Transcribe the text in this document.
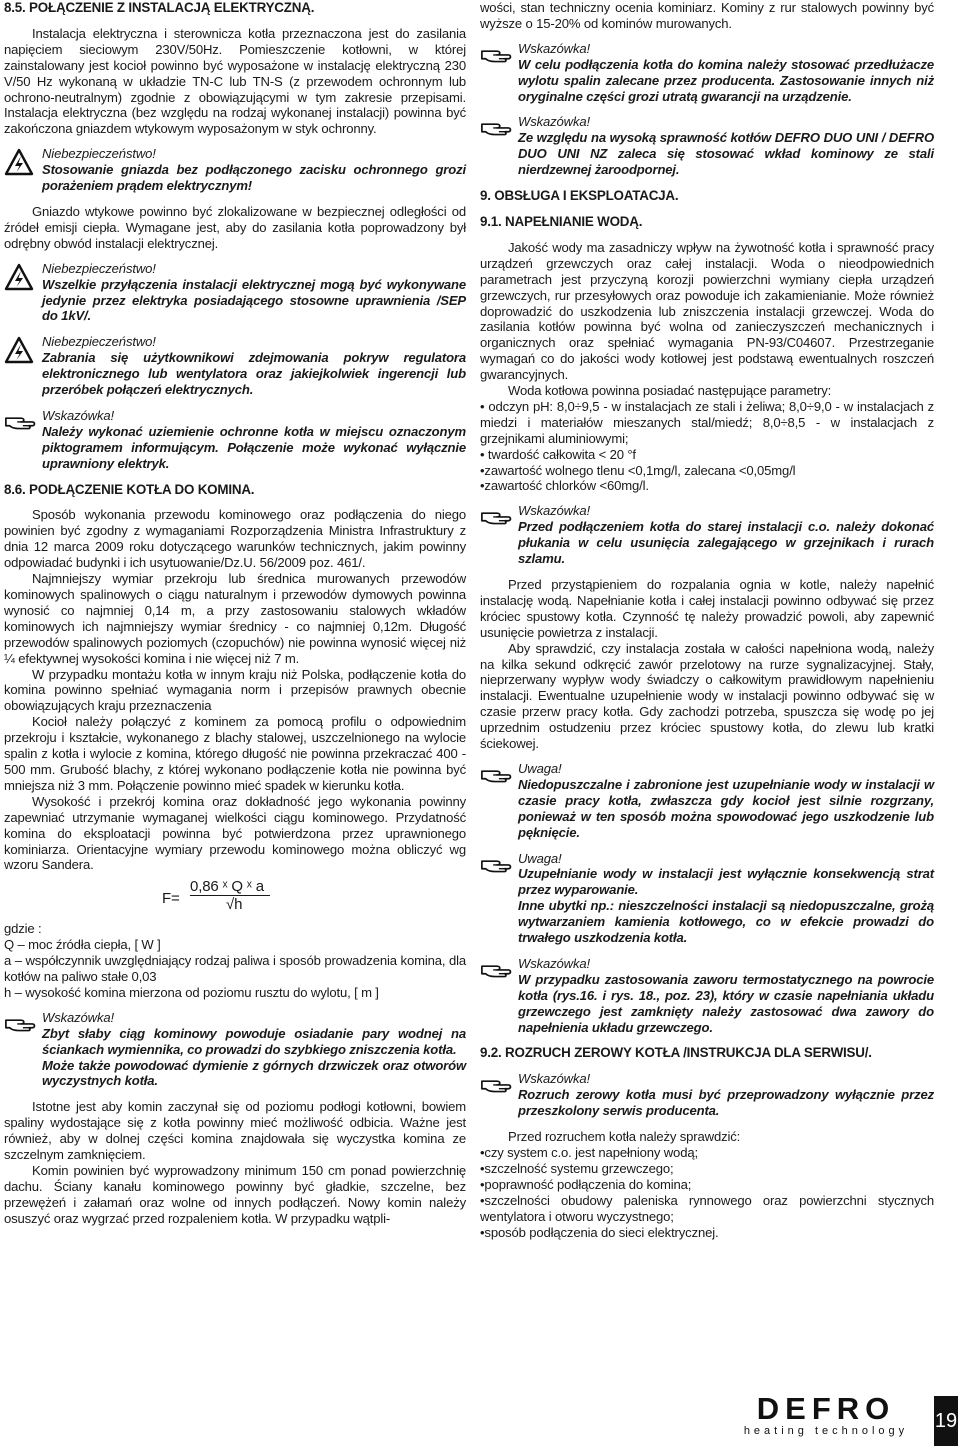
8.5. POŁĄCZENIE Z INSTALACJĄ ELEKTRYCZNĄ.

Instalacja elektryczna i sterownicza kotła przeznaczona jest do zasilania napięciem sieciowym 230V/50Hz. Pomieszczenie kotłowni, w której zainstalowany jest kocioł powinno być wyposażone w instalację elektryczną 230 V/50 Hz wykonaną w układzie TN-C lub TN-S (z przewodem ochronnym lub ochrono-neutralnym) zgodnie z obowiązującymi w tym zakresie przepisami. Instalacja elektryczna (bez względu na rodzaj wykonanej instalacji) powinna być zakończona gniazdem wtykowym wyposażonym w styk ochronny.

Niebezpieczeństwo!
Stosowanie gniazda bez podłączonego zacisku ochronnego grozi porażeniem prądem elektrycznym!

Gniazdo wtykowe powinno być zlokalizowane w bezpiecznej odległości od źródeł emisji ciepła. Wymagane jest, aby do zasilania kotła poprowadzony był odrębny obwód instalacji elektrycznej.

Niebezpieczeństwo!
Wszelkie przyłączenia instalacji elektrycznej mogą być wykonywane jedynie przez elektryka posiadającego stosowne uprawnienia /SEP do 1kV/.
Niebezpieczeństwo!
Zabrania się użytkownikowi zdejmowania pokryw regulatora elektronicznego lub wentylatora oraz jakiejkolwiek ingerencji lub przeróbek połączeń elektrycznych.
Wskazówka!
Należy wykonać uziemienie ochronne kotła w miejscu oznaczonym piktogramem informującym. Połączenie może wykonać wyłącznie uprawniony elektryk.
8.6. PODŁĄCZENIE KOTŁA DO KOMINA.

Sposób wykonania przewodu kominowego oraz podłączenia do niego powinien być zgodny z wymaganiami Rozporządzenia Ministra Infrastruktury z dnia 12 marca 2009 roku dotyczącego warunków technicznych, jakim powinny odpowiadać budynki i ich usytuowanie/Dz.U. 56/2009 poz. 461/.

Najmniejszy wymiar przekroju lub średnica murowanych przewodów kominowych spalinowych o ciągu naturalnym i przewodów dymowych powinna wynosić co najmniej 0,14 m, a przy zastosowaniu stalowych wkładów kominowych ich najmniejszy wymiar średnicy - co najmniej 0,12m. Długość przewodów spalinowych poziomych (czopuchów) nie powinna wynosić więcej niż ¼ efektywnej wysokości komina i nie więcej niż 7 m.

W przypadku montażu kotła w innym kraju niż Polska, podłączenie kotła do komina powinno spełniać wymagania norm i przepisów prawnych obecnie obowiązujących kraju przeznaczenia

Kocioł należy połączyć z kominem za pomocą profilu o odpowiednim przekroju i kształcie, wykonanego z blachy stalowej, uszczelnionego na wylocie spalin z kotła i wylocie z komina, którego długość nie powinna przekraczać 400 - 500 mm. Grubość blachy, z której wykonano podłączenie kotła nie powinna być mniejsza niż 3 mm. Połączenie powinno mieć spadek w kierunku kotła.

Wysokość i przekrój komina oraz dokładność jego wykonania powinny zapewniać utrzymanie wymaganej wielkości ciągu kominowego. Przydatność komina do eksploatacji powinna być potwierdzona przez uprawnionego kominiarza. Orientacyjne wymiary przewodu kominowego można obliczyć wg wzoru Sandera.

F=
0,86 ˣ Q ˣ a
√h

gdzie :

Q – moc źródła ciepła, [ W ]

a – współczynnik uwzględniający rodzaj paliwa i sposób prowadzenia komina, dla kotłów na paliwo stałe 0,03

h – wysokość komina mierzona od poziomu rusztu do wylotu, [ m ]

Wskazówka!
Zbyt słaby ciąg kominowy powoduje osiadanie pary wodnej na ściankach wymiennika, co prowadzi do szybkiego zniszczenia kotła.
Może także powodować dymienie z górnych drzwiczek oraz otworów wyczystnych kotła.

Istotne jest aby komin zaczynał się od poziomu podłogi kotłowni, bowiem spaliny wydostające się z kotła powinny mieć możliwość odbicia. Ważne jest również, aby w dolnej części komina znajdowała się wyczystka komina ze szczelnym zamknięciem.

Komin powinien być wyprowadzony minimum 150 cm ponad powierzchnię dachu. Ściany kanału kominowego powinny być gładkie, szczelne, bez przewężeń i załamań oraz wolne od innych podłączeń. Nowy komin należy osuszyć oraz wygrzać przed rozpaleniem kotła. W przypadku wątpli-

wości, stan techniczny ocenia kominiarz. Kominy z rur stalowych powinny być wyższe o 15-20% od kominów murowanych.

Wskazówka!
W celu podłączenia kotła do komina należy stosować przedłużacze wylotu spalin zalecane przez producenta. Zastosowanie innych niż oryginalne części grozi utratą gwarancji na urządzenie.
Wskazówka!
Ze względu na wysoką sprawność kotłów DEFRO DUO UNI / DEFRO DUO UNI NZ zaleca się stosować wkład kominowy ze stali nierdzewnej żaroodpornej.
9. OBSŁUGA I EKSPLOATACJA.
9.1. NAPEŁNIANIE WODĄ.

Jakość wody ma zasadniczy wpływ na żywotność kotła i sprawność pracy urządzeń grzewczych oraz całej instalacji. Woda o nieodpowiednich parametrach jest przyczyną korozji powierzchni wymiany ciepła urządzeń grzewczych, rur przesyłowych oraz powoduje ich zakamienianie. Może również doprowadzić do uszkodzenia lub zniszczenia instalacji grzewczej. Woda do zasilania kotłów powinna być wolna od zanieczyszczeń mechanicznych i organicznych oraz spełniać wymagania PN-93/C04607. Przestrzeganie wymagań co do jakości wody kotłowej jest podstawą ewentualnych roszczeń gwarancyjnych.

Woda kotłowa powinna posiadać następujące parametry:

• odczyn pH: 8,0÷9,5 - w instalacjach ze stali i żeliwa; 8,0÷9,0 - w instalacjach z miedzi i materiałów mieszanych stal/miedź; 8,0÷8,5 - w instalacjach z grzejnikami aluminiowymi;

• twardość całkowita < 20 °f

•zawartość wolnego tlenu <0,1mg/l, zalecana <0,05mg/l

•zawartość chlorków <60mg/l.

Wskazówka!
Przed podłączeniem kotła do starej instalacji c.o. należy dokonać płukania w celu usunięcia zalegającego w grzejnikach i rurach szlamu.

Przed przystąpieniem do rozpalania ognia w kotle, należy napełnić instalację wodą. Napełnianie kotła i całej instalacji powinno odbywać się przez króciec spustowy kotła. Czynność tę należy prowadzić powoli, aby zapewnić usunięcie powietrza z instalacji.

Aby sprawdzić, czy instalacja została w całości napełniona wodą, należy na kilka sekund odkręcić zawór przelotowy na rurze sygnalizacyjnej. Stały, nieprzerwany wypływ wody świadczy o całkowitym prawidłowym napełnieniu instalacji. Ewentualne uzupełnienie wody w instalacji powinno odbywać się w czasie przerw pracy kotła. Gdy zachodzi potrzeba, spuszcza się wodę po jej uprzednim ostudzeniu przez króciec spustowy kotła, do zlewu lub kratki ściekowej.

Uwaga!
Niedopuszczalne i zabronione jest uzupełnianie wody w instalacji w czasie pracy kotła, zwłaszcza gdy kocioł jest silnie rozgrzany, ponieważ w ten sposób można spowodować jego uszkodzenie lub pęknięcie.
Uwaga!
Uzupełnianie wody w instalacji jest wyłącznie konsekwencją strat przez wyparowanie.
Inne ubytki np.: nieszczelności instalacji są niedopuszczalne, grożą wytwarzaniem kamienia kotłowego, co w efekcie prowadzi do trwałego uszkodzenia kotła.
Wskazówka!
W przypadku zastosowania zaworu termostatycznego na powrocie kotła (rys.16. i rys. 18., poz. 23), który w czasie napełniania układu grzewczego jest zamknięty należy zastosować dwa zawory do napełnienia układu grzewczego.
9.2. ROZRUCH ZEROWY KOTŁA /INSTRUKCJA DLA SERWISU/.
Wskazówka!
Rozruch zerowy kotła musi być przeprowadzony wyłącznie przez przeszkolony serwis producenta.

Przed rozruchem kotła należy sprawdzić:

•czy system c.o. jest napełniony wodą;

•szczelność systemu grzewczego;

•poprawność podłączenia do komina;

•szczelności obudowy paleniska rynnowego oraz powierzchni stycznych wentylatora i otworu wyczystnego;

•sposób podłączenia do sieci elektrycznej.

DEFRO
heating technology	19
